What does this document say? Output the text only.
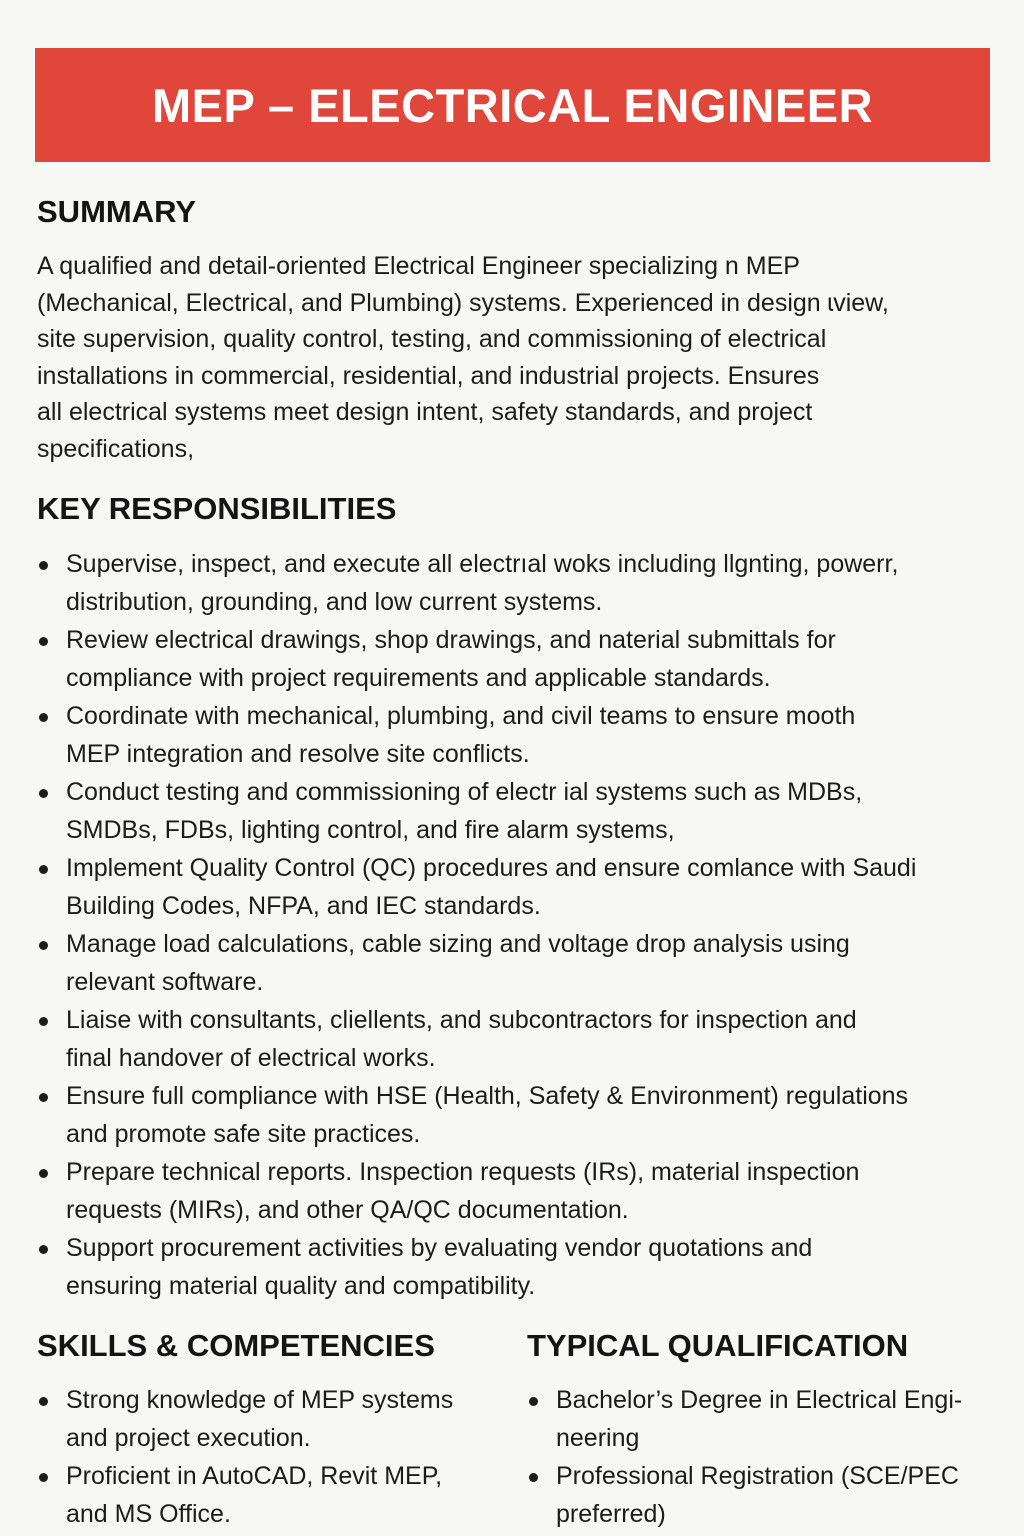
MEP – ELECTRICAL ENGINEER
SUMMARY
A qualified and detail-oriented Electrical Engineer specializing n MEP
(Mechanical, Electrical, and Plumbing) systems. Experienced in design ɩview,
site supervision, quality control, testing, and commissioning of electrical
installations in commercial, residential, and industrial projects. Ensures
all electrical systems meet design intent, safety standards, and project
specifications,
KEY RESPONSIBILITIES
Supervise, inspect, and execute all electrıal woks including llgnting, powerr,
distribution, grounding, and low current systems.
Review electrical drawings, shop drawings, and naterial submittals for
compliance with project requirements and applicable standards.
Coordinate with mechanical, plumbing, and civil teams to ensure mooth
MEP integration and resolve site conflicts.
Conduct testing and commissioning of electr ial systems such as MDBs,
SMDBs, FDBs, lighting control, and fire alarm systems,
Implement Quality Control (QC) procedures and ensure comlance with Saudi
Building Codes, NFPA, and IEC standards.
Manage load calculations, cable sizing and voltage drop analysis using
relevant software.
Liaise with consultants, cliellents, and subcontractors for inspection and
final handover of electrical works.
Ensure full compliance with HSE (Health, Safety & Environment) regulations
and promote safe site practices.
Prepare technical reports. Inspection requests (IRs), material inspection
requests (MIRs), and other QA/QC documentation.
Support procurement activities by evaluating vendor quotations and
ensuring material quality and compatibility.
SKILLS & COMPETENCIES
Strong knowledge of MEP systems
and project execution.
Proficient in AutoCAD, Revit MEP,
and MS Office.
TYPICAL QUALIFICATION
Bachelor’s Degree in Electrical Engi-
neering
Professional Registration (SCE/PEC
preferred)
